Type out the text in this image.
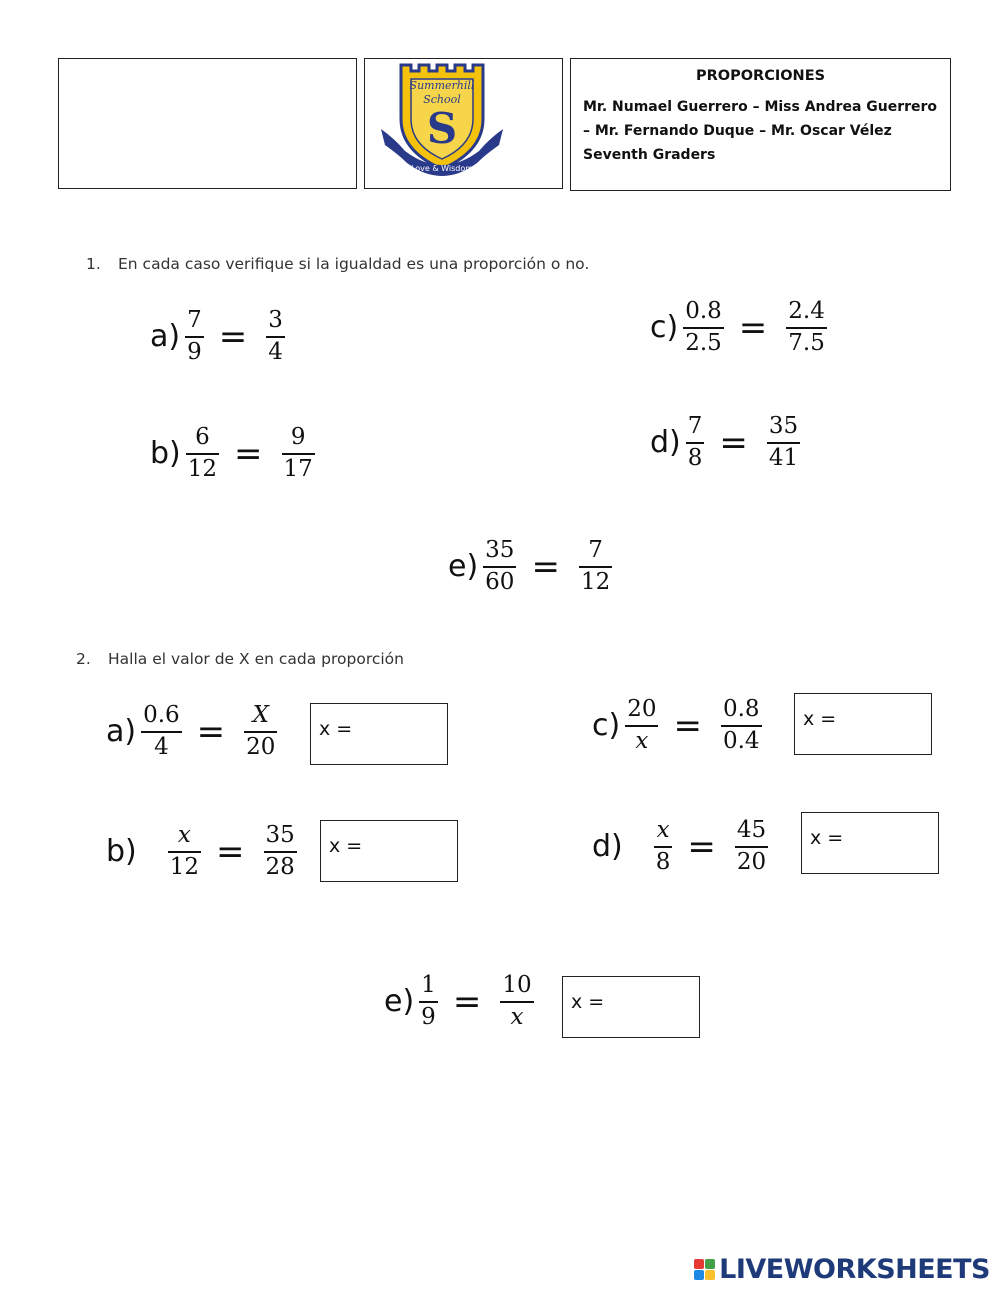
Summerhill
School
S
Love & Wisdom
PROPORCIONES
Mr. Numael Guerrero – Miss Andrea Guerrero
– Mr. Fernando Duque – Mr. Oscar Vélez
Seventh Graders
1. En cada caso verifique si la igualdad es una proporción o no.
$a) \frac{7}{9} = \frac{3}{4}$
$b) \frac{6}{12} = \frac{9}{17}$
$c) \frac{0.8}{2.5} = \frac{2.4}{7.5}$
$d) \frac{7}{8} = \frac{35}{41}$
$e) \frac{35}{60} = \frac{7}{12}$
2. Halla el valor de X en cada proporción
$a) \frac{0.6}{4} = \frac{X}{20}$	x =
$b) \frac{x}{12} = \frac{35}{28}$	x =
$c) \frac{20}{x} = \frac{0.8}{0.4}$	x =
$d) \frac{x}{8} = \frac{45}{20}$	x =
$e) \frac{1}{9} = \frac{10}{x}$	x =
LIVEWORKSHEETS
